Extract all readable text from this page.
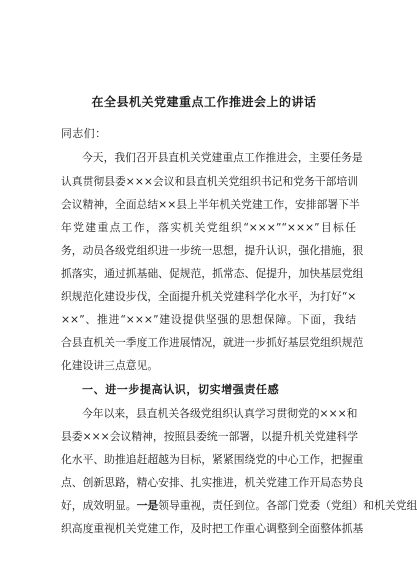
在全县机关党建重点工作推进会上的讲话
同志们：
今天，我们召开县直机关党建重点工作推进会，主要任务是
认真贯彻县委×××会议和县直机关党组织书记和党务干部培训
会议精神，全面总结××县上半年机关党建工作，安排部署下半
年党建重点工作，落实机关党组织“×××”“×××”目标任
务，动员各级党组织进一步统一思想，提升认识，强化措施，狠
抓落实，通过抓基础、促规范，抓常态、促提升，加快基层党组
织规范化建设步伐，全面提升机关党建科学化水平，为打好“×
××”、推进“×××”建设提供坚强的思想保障。下面，我结
合县直机关一季度工作进展情况，就进一步抓好基层党组织规范
化建设讲三点意见。
一、进一步提高认识，切实增强责任感
今年以来，县直机关各级党组织认真学习贯彻党的×××和
县委×××会议精神，按照县委统一部署，以提升机关党建科学
化水平、助推追赶超越为目标，紧紧围绕党的中心工作，把握重
点、创新思路，精心安排、扎实推进，机关党建工作开局态势良
好，成效明显。一是领导重视，责任到位。各部门党委（党组）和机关党组
织高度重视机关党建工作，及时把工作重心调整到全面整体抓基
